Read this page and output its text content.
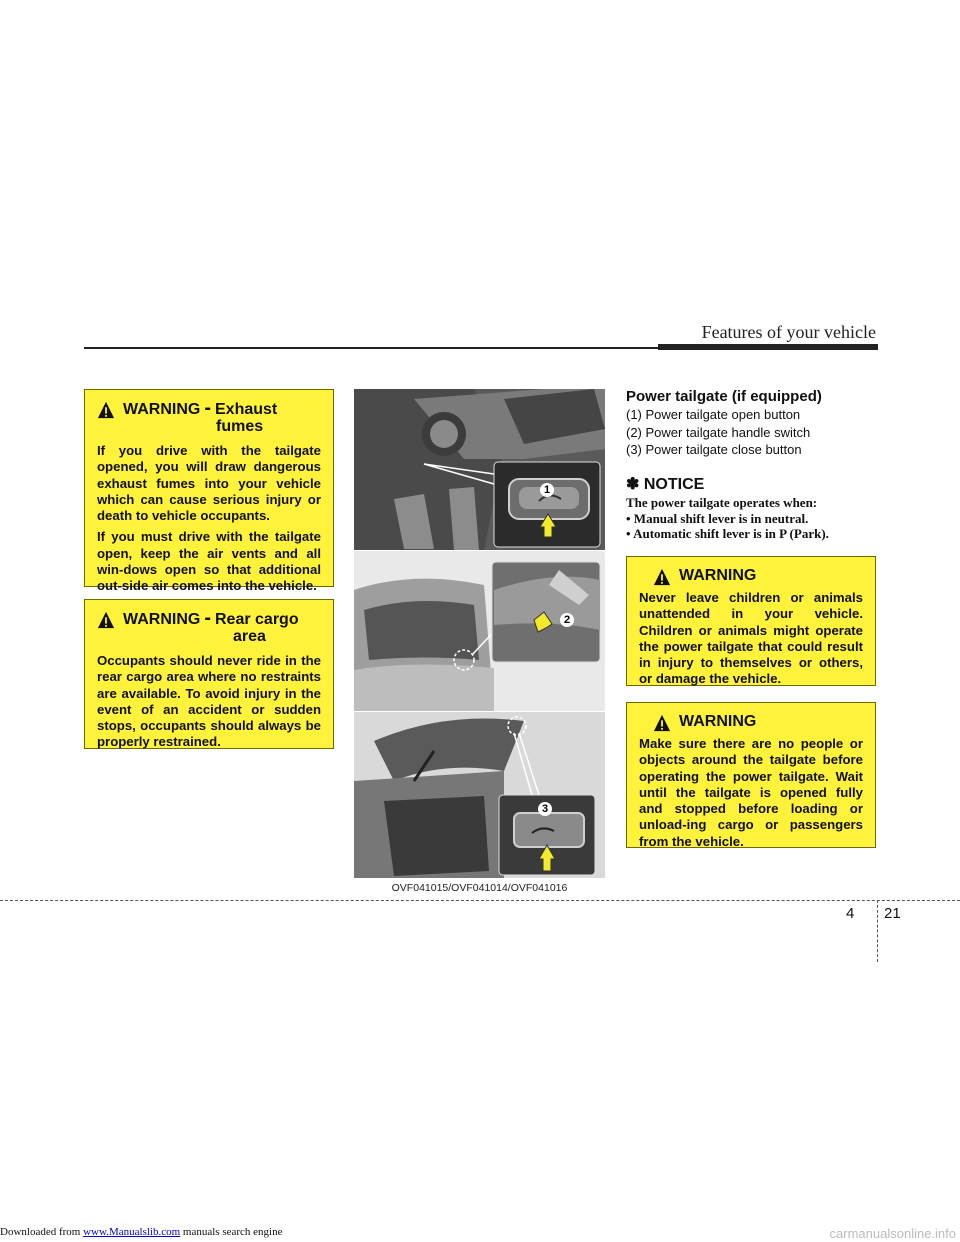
Features of your vehicle
WARNING - Exhaust
fumes

If you drive with the tailgate opened, you will draw dangerous exhaust fumes into your vehicle which can cause serious injury or death to vehicle occupants.

If you must drive with the tailgate open, keep the air vents and all win-dows open so that additional out-side air comes into the vehicle.

WARNING - Rear cargo
area

Occupants should never ride in the rear cargo area where no restraints are available. To avoid injury in the event of an accident or sudden stops, occupants should always be properly restrained.

1
2
3
OVF041015/OVF041014/OVF041016
Power tailgate (if equipped)
(1) Power tailgate open button
(2) Power tailgate handle switch
(3) Power tailgate close button
✽ NOTICE

The power tailgate operates when:

• Manual shift lever is in neutral.

• Automatic shift lever is in P (Park).

WARNING

Never leave children or animals unattended in your vehicle. Children or animals might operate the power tailgate that could result in injury to themselves or others, or damage the vehicle.

WARNING

Make sure there are no people or objects around the tailgate before operating the power tailgate. Wait until the tailgate is opened fully and stopped before loading or unload-ing cargo or passengers from the vehicle.

4 21
Downloaded from www.Manualslib.com manuals search engine	carmanualsonline.info
